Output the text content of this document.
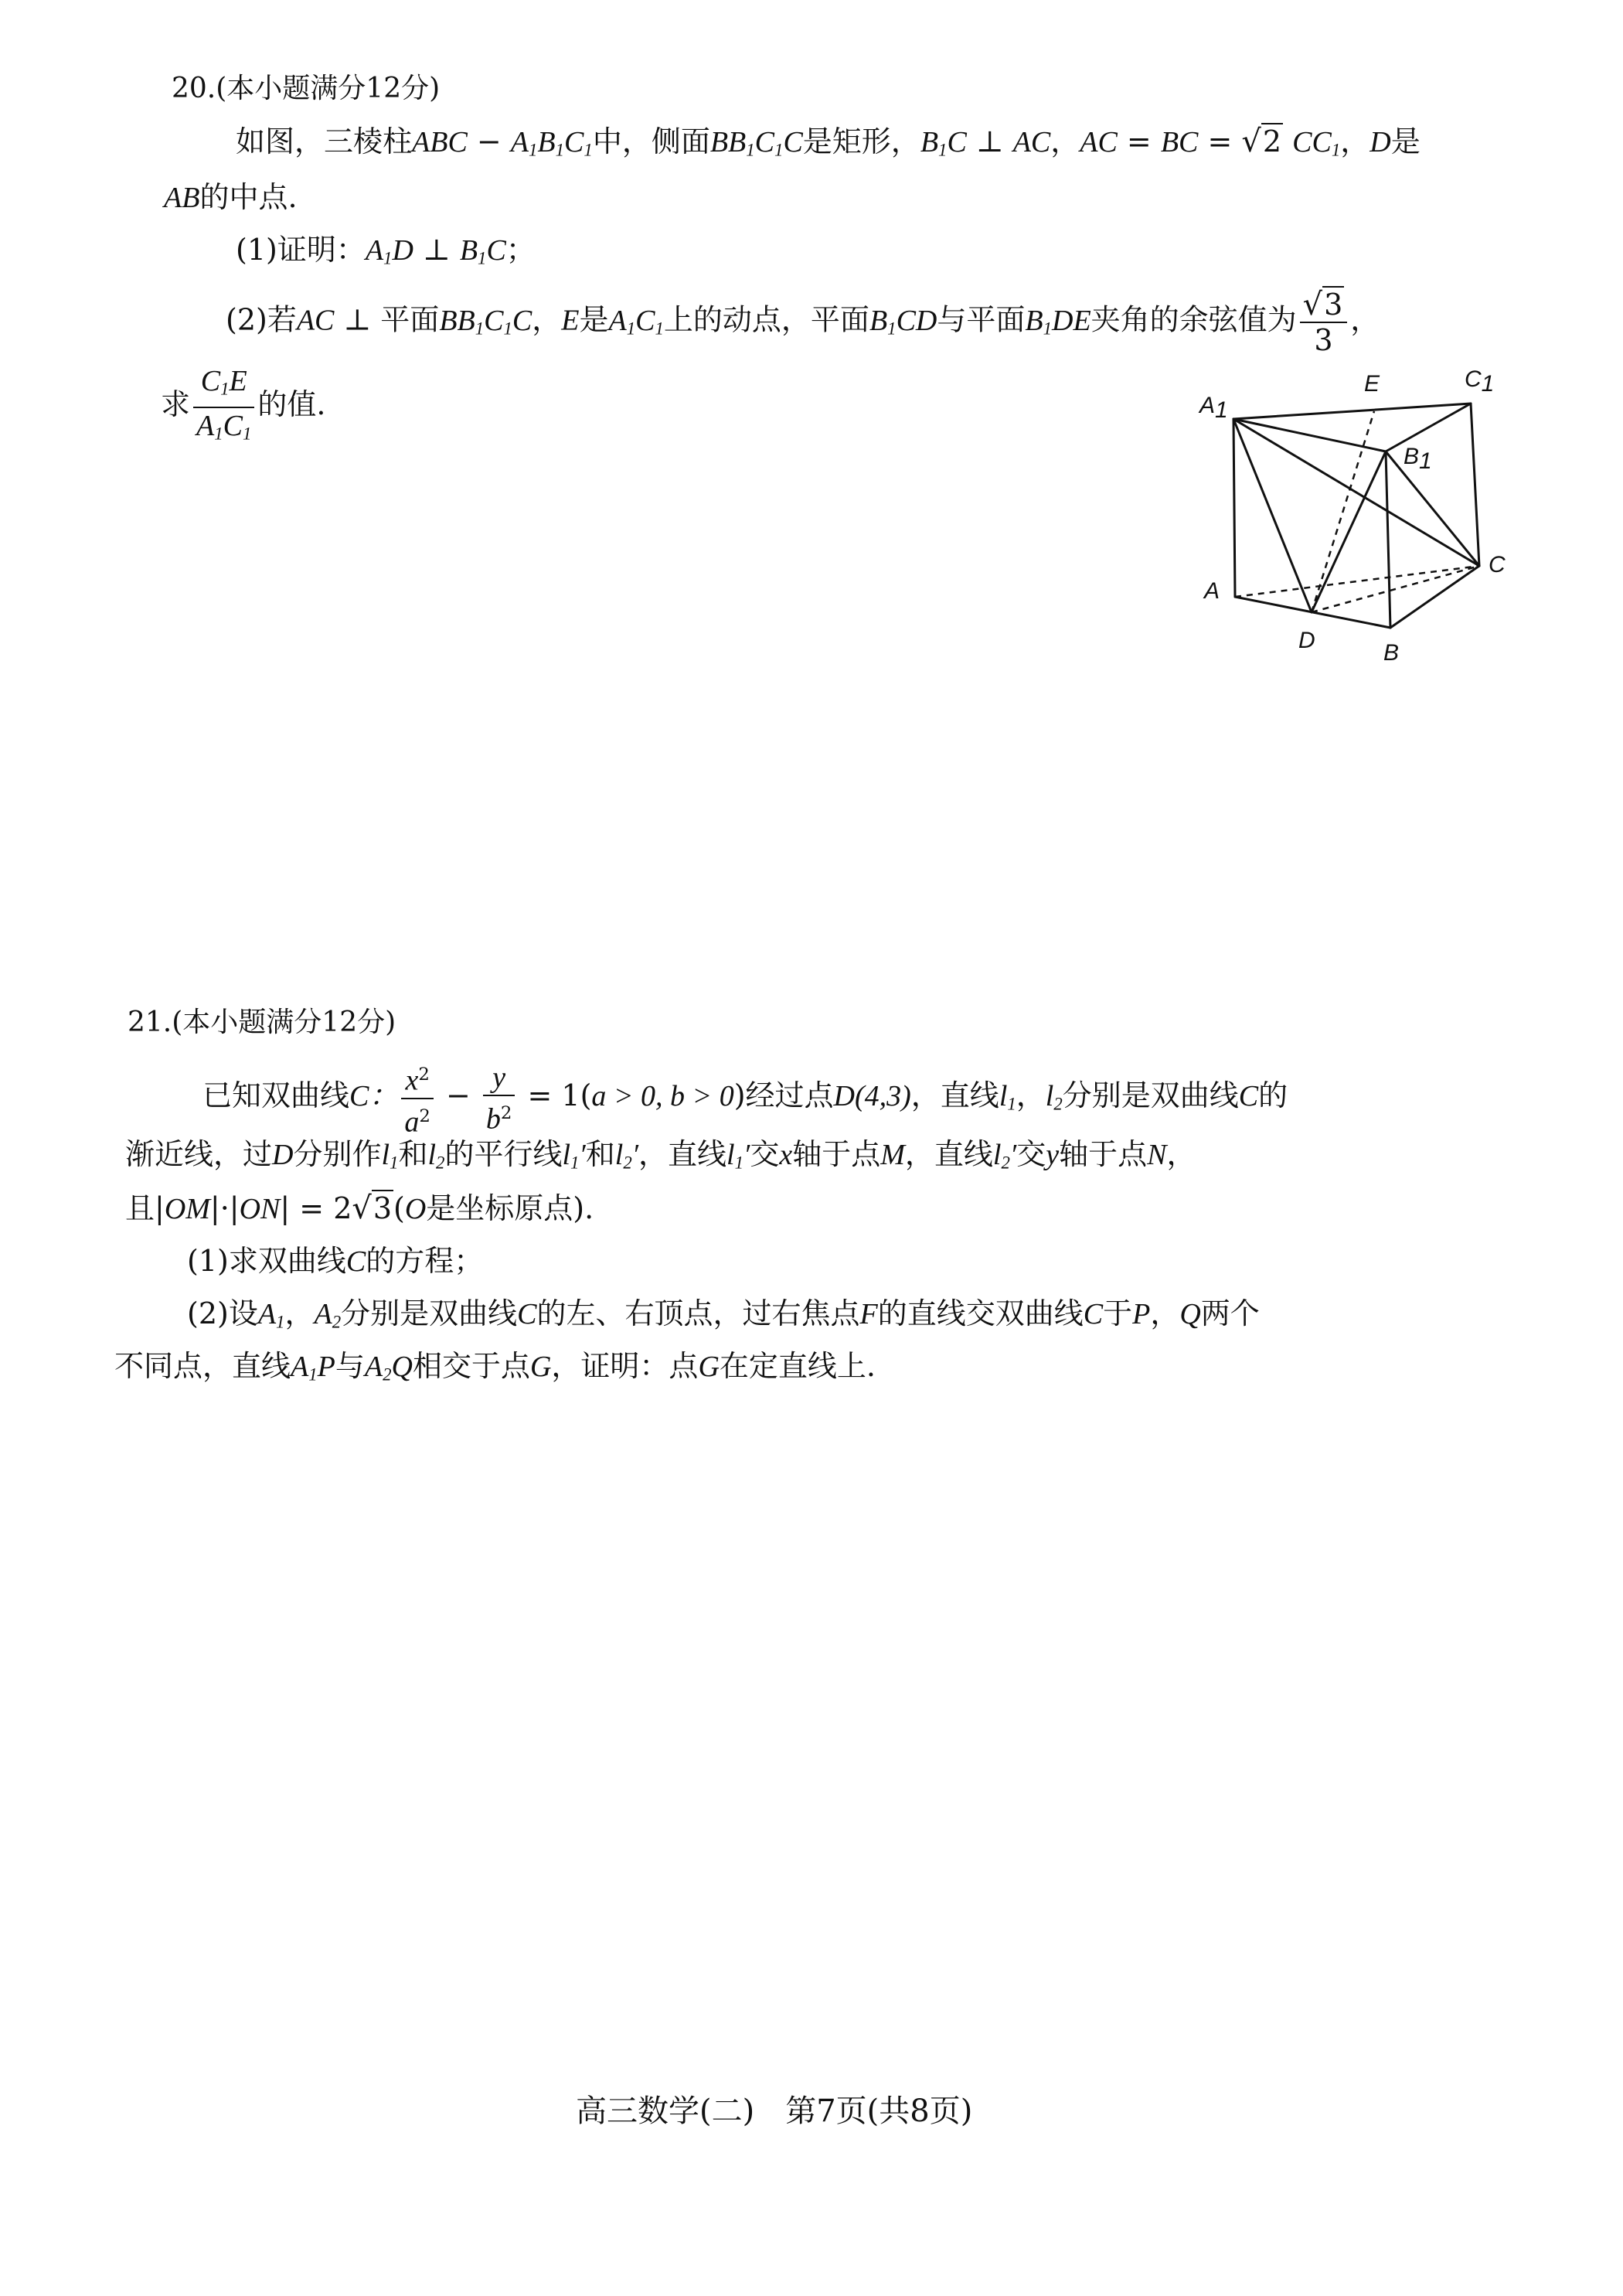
20.(本小题满分12分)
如图，三棱柱ABC − $A_1B_1C_1$中，侧面$BB_1C_1C$是矩形，$B_1C$ ⊥ AC，AC = BC = √2 $CC_1$，D是
AB的中点.
(1)证明：$A_1D$ ⊥ $B_1C$；
(2)若AC ⊥ 平面$BB_1C_1C$，E是$A_1C_1$上的动点，平面$B_1CD$与平面$B_1DE$夹角的余弦值为 $\frac{√3}{3}$ ，
求 $\frac{C_1E}{A_1C_1}$ 的值.	A1
E	C1
B1
A
C
D	B
21.(本小题满分12分)
已知双曲线C： $\frac{x^2}{a^2} - \frac{y}{b^2} = 1(a > 0$, b > 0)经过点D(4,3)，直线$l_1$，$l_2$分别是双曲线C的
渐近线，过D分别作$l_1$和$l_2$的平行线$l_1'$和$l_2'$，直线$l_1'$交x轴于点M，直线$l_2'$交y轴于点N，
且|OM|·|ON| = 2√3(O是坐标原点).
(1)求双曲线C的方程；
(2)设$A_1$，$A_2$分别是双曲线C的左、右顶点，过右焦点F的直线交双曲线C于P，Q两个
不同点，直线$A_1P$与$A_2Q$相交于点G，证明：点G在定直线上.
高三数学(二)　第7页(共8页)
